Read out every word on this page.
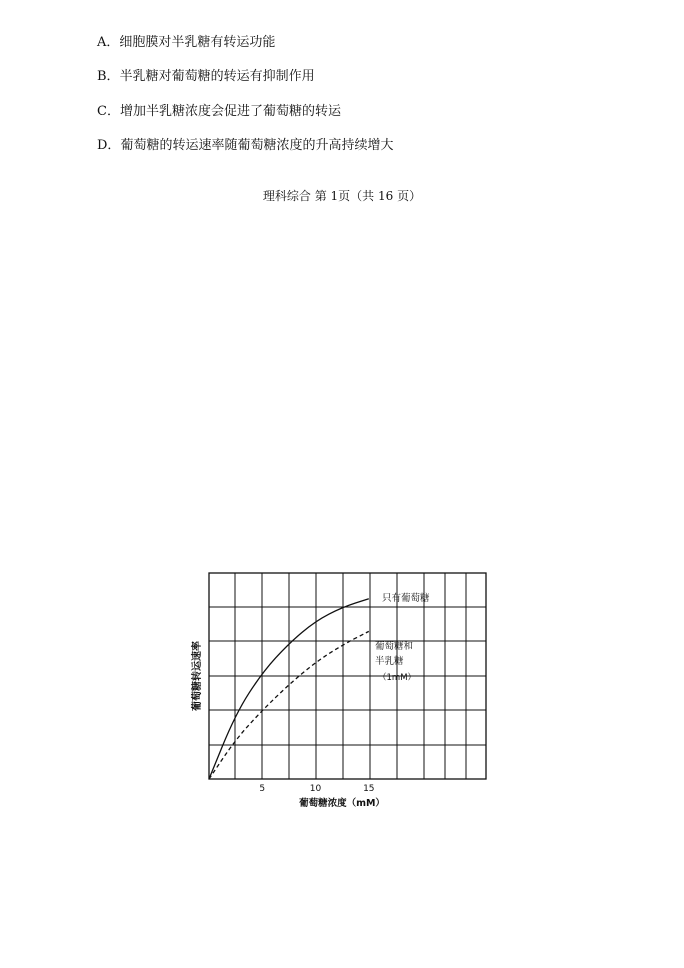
A．细胞膜对半乳糖有转运功能
B．半乳糖对葡萄糖的转运有抑制作用
C．增加半乳糖浓度会促进了葡萄糖的转运
D．葡萄糖的转运速率随葡萄糖浓度的升高持续增大
理科综合 第 1页（共 16 页）
5	10	15
只有葡萄糖
葡萄糖和
半乳糖
（1mM）
葡萄糖转运速率
葡萄糖浓度（mM）
